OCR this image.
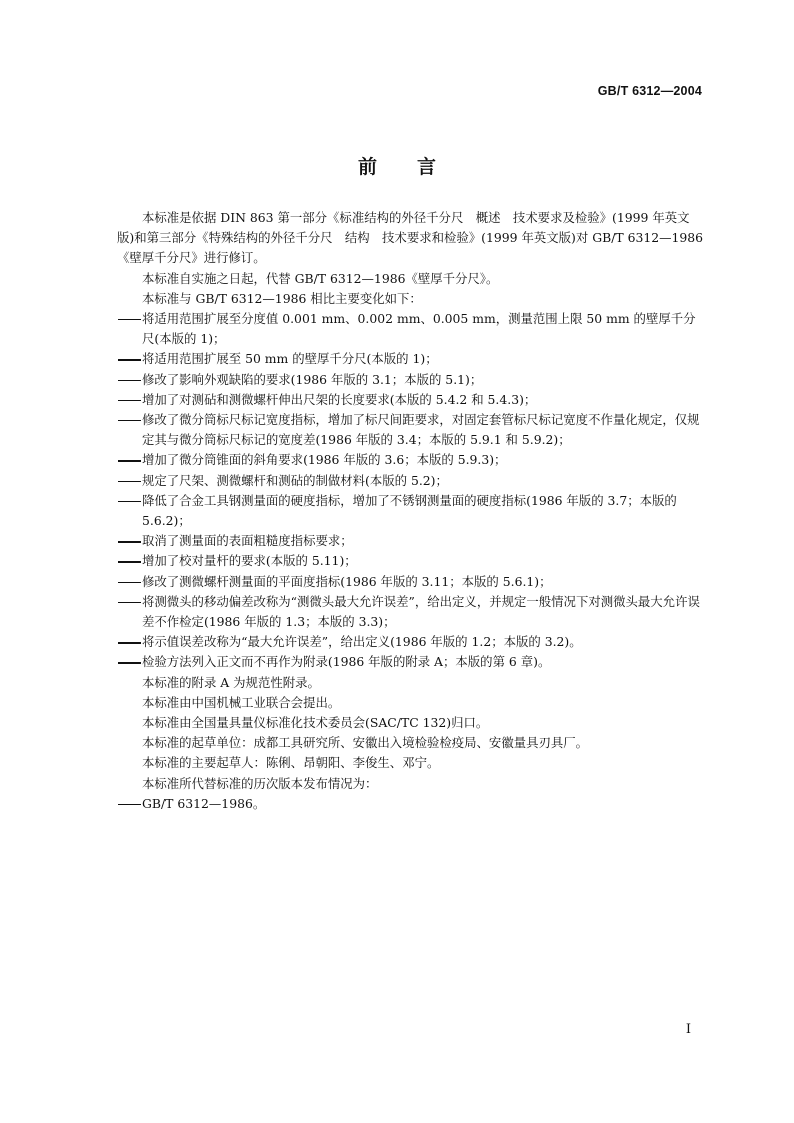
GB/T 6312—2004
前言

本标准是依据 DIN 863 第一部分《标准结构的外径千分尺　概述　技术要求及检验》(1999 年英文版)和第三部分《特殊结构的外径千分尺　结构　技术要求和检验》(1999 年英文版)对 GB/T 6312—1986《壁厚千分尺》进行修订。

本标准自实施之日起，代替 GB/T 6312—1986《壁厚千分尺》。

本标准与 GB/T 6312—1986 相比主要变化如下：

将适用范围扩展至分度值 0.001 mm、0.002 mm、0.005 mm，测量范围上限 50 mm 的壁厚千分尺(本版的 1)；
将适用范围扩展至 50 mm 的壁厚千分尺(本版的 1)；
修改了影响外观缺陷的要求(1986 年版的 3.1；本版的 5.1)；
增加了对测砧和测微螺杆伸出尺架的长度要求(本版的 5.4.2 和 5.4.3)；
修改了微分筒标尺标记宽度指标，增加了标尺间距要求，对固定套管标尺标记宽度不作量化规定，仅规定其与微分筒标尺标记的宽度差(1986 年版的 3.4；本版的 5.9.1 和 5.9.2)；
增加了微分筒锥面的斜角要求(1986 年版的 3.6；本版的 5.9.3)；
规定了尺架、测微螺杆和测砧的制做材料(本版的 5.2)；
降低了合金工具钢测量面的硬度指标，增加了不锈钢测量面的硬度指标(1986 年版的 3.7；本版的 5.6.2)；
取消了测量面的表面粗糙度指标要求；
增加了校对量杆的要求(本版的 5.11)；
修改了测微螺杆测量面的平面度指标(1986 年版的 3.11；本版的 5.6.1)；
将测微头的移动偏差改称为“测微头最大允许误差”，给出定义，并规定一般情况下对测微头最大允许误差不作检定(1986 年版的 1.3；本版的 3.3)；
将示值误差改称为“最大允许误差”，给出定义(1986 年版的 1.2；本版的 3.2)。
检验方法列入正文而不再作为附录(1986 年版的附录 A；本版的第 6 章)。

本标准的附录 A 为规范性附录。

本标准由中国机械工业联合会提出。

本标准由全国量具量仪标准化技术委员会(SAC/TC 132)归口。

本标准的起草单位：成都工具研究所、安徽出入境检验检疫局、安徽量具刃具厂。

本标准的主要起草人：陈俐、昂朝阳、李俊生、邓宁。

本标准所代替标准的历次版本发布情况为：

GB/T 6312—1986。
I
